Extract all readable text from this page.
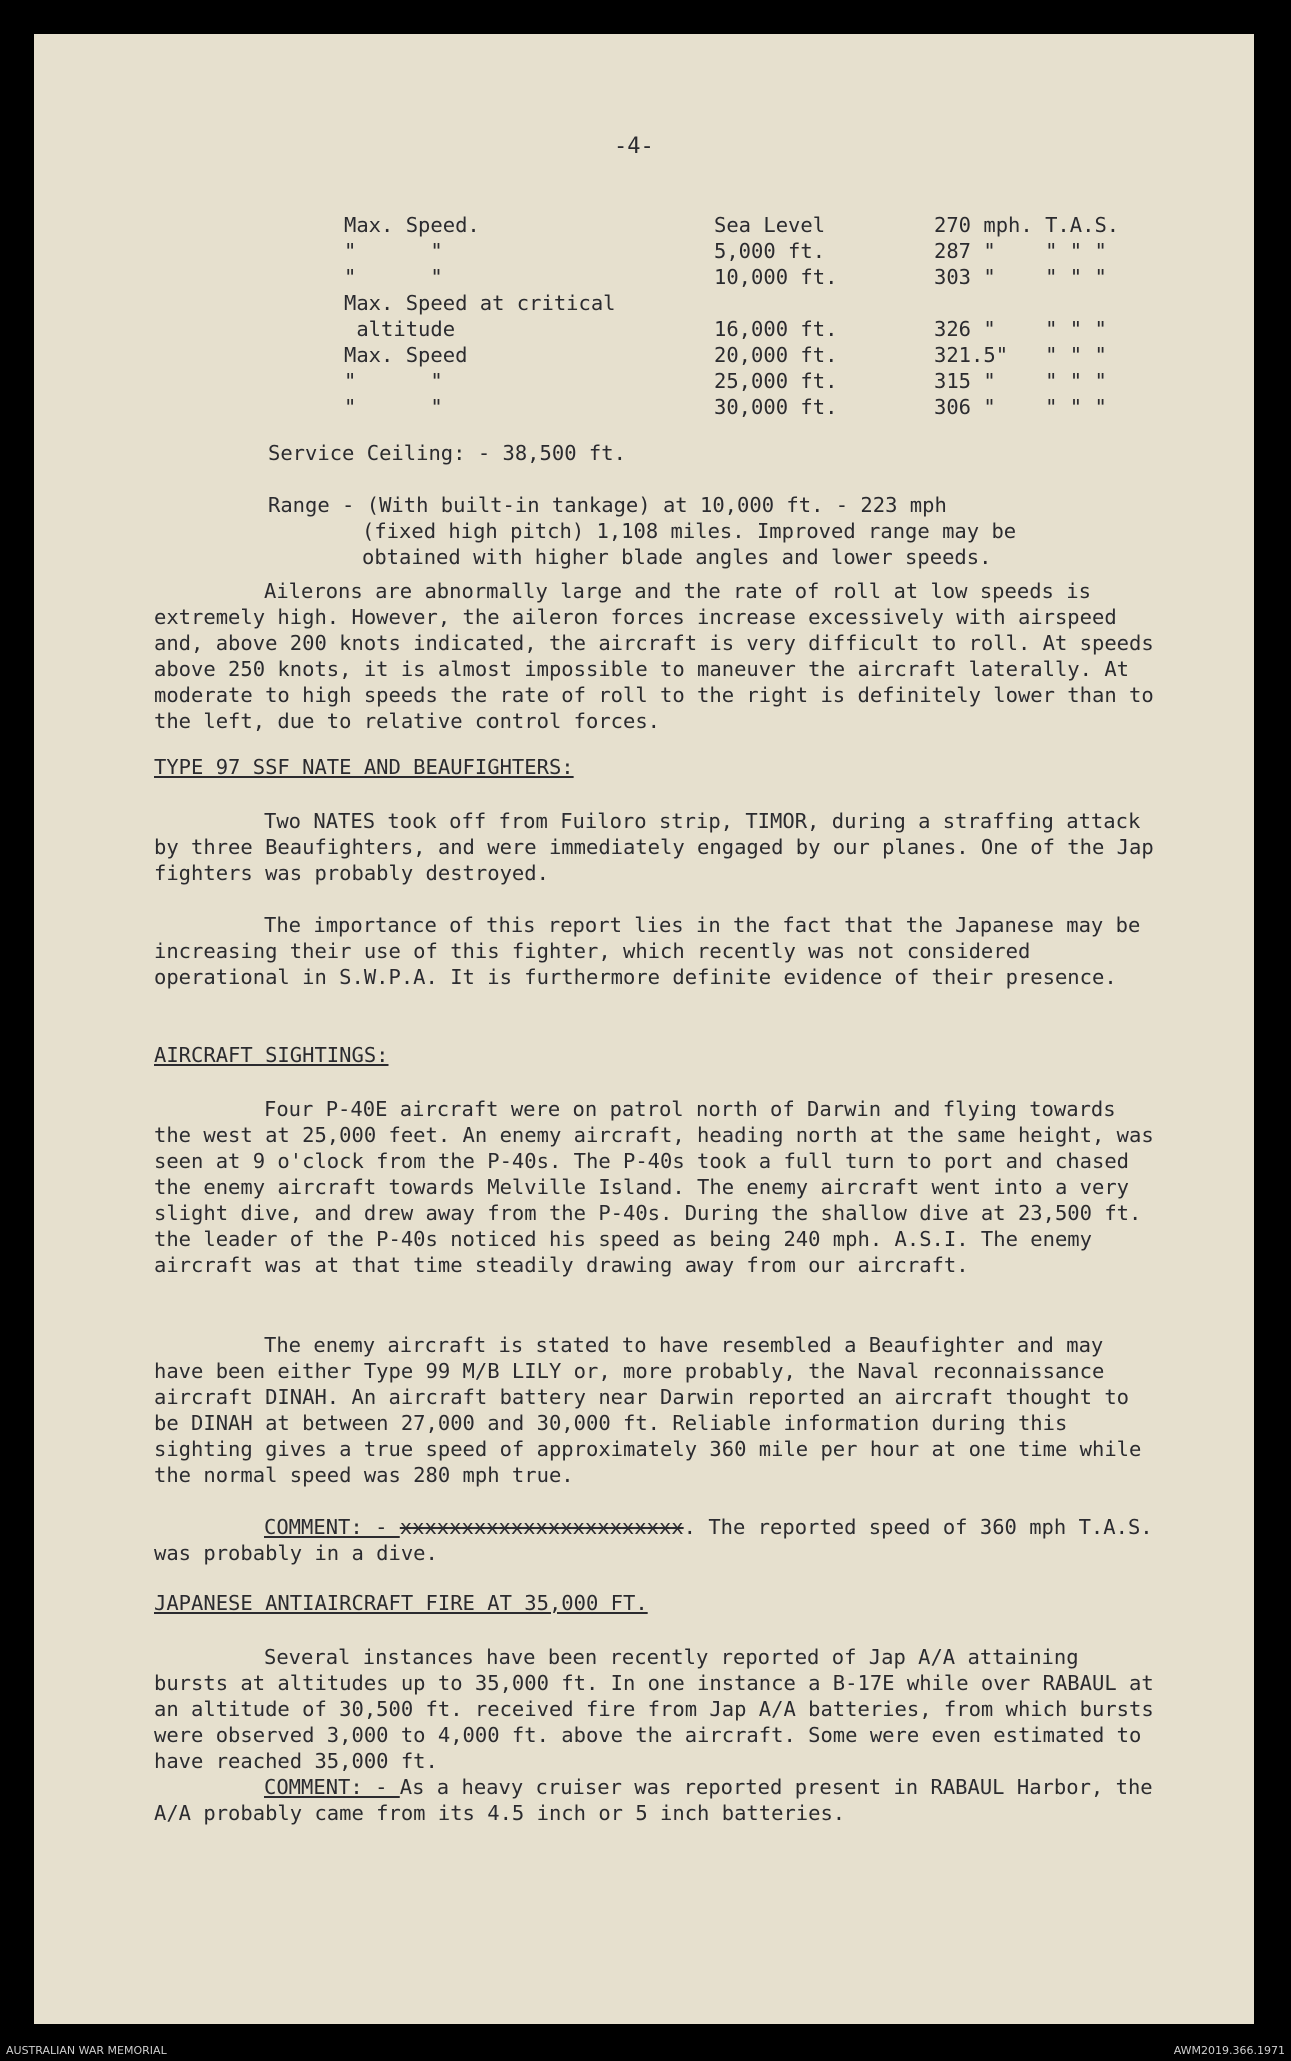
-4-
Max. Speed.	Sea Level	270 mph. T.A.S.
"      "	5,000 ft.	287 "    " " "
"      "	10,000 ft.	303 "    " " "
Max. Speed at critical
altitude	16,000 ft.	326 "    " " "
Max. Speed	20,000 ft.	321.5"   " " "
"      "	25,000 ft.	315 "    " " "
"      "	30,000 ft.	306 "    " " "
Service Ceiling: - 38,500 ft.
Range - (With built-in tankage) at 10,000 ft. - 223 mph
(fixed high pitch) 1,108 miles. Improved range may be
obtained with higher blade angles and lower speeds.

Ailerons are abnormally large and the rate of roll at low speeds is extremely high. However, the aileron forces increase excessively with airspeed and, above 200 knots indicated, the aircraft is very difficult to roll. At speeds above 250 knots, it is almost impossible to maneuver the aircraft laterally. At moderate to high speeds the rate of roll to the right is definitely lower than to the left, due to relative control forces.

TYPE 97 SSF NATE AND BEAUFIGHTERS:

Two NATES took off from Fuiloro strip, TIMOR, during a straffing attack by three Beaufighters, and were immediately engaged by our planes. One of the Jap fighters was probably destroyed.

The importance of this report lies in the fact that the Japanese may be increasing their use of this fighter, which recently was not considered operational in S.W.P.A. It is furthermore definite evidence of their presence.

AIRCRAFT SIGHTINGS:

Four P-40E aircraft were on patrol north of Darwin and flying towards the west at 25,000 feet. An enemy aircraft, heading north at the same height, was seen at 9 o'clock from the P-40s. The P-40s took a full turn to port and chased the enemy aircraft towards Melville Island. The enemy aircraft went into a very slight dive, and drew away from the P-40s. During the shallow dive at 23,500 ft. the leader of the P-40s noticed his speed as being 240 mph. A.S.I. The enemy aircraft was at that time steadily drawing away from our aircraft.

The enemy aircraft is stated to have resembled a Beaufighter and may have been either Type 99 M/B LILY or, more probably, the Naval reconnaissance aircraft DINAH. An aircraft battery near Darwin reported an aircraft thought to be DINAH at between 27,000 and 30,000 ft. Reliable information during this sighting gives a true speed of approximately 360 mile per hour at one time while the normal speed was 280 mph true.

COMMENT: - xxxxxxxxxxxxxxxxxxxxxxx. The reported speed of 360 mph T.A.S. was probably in a dive.

JAPANESE ANTIAIRCRAFT FIRE AT 35,000 FT.

Several instances have been recently reported of Jap A/A attaining bursts at altitudes up to 35,000 ft. In one instance a B-17E while over RABAUL at an altitude of 30,500 ft. received fire from Jap A/A batteries, from which bursts were observed 3,000 to 4,000 ft. above the aircraft. Some were even estimated to have reached 35,000 ft.

COMMENT: - As a heavy cruiser was reported present in RABAUL Harbor, the A/A probably came from its 4.5 inch or 5 inch batteries.

AUSTRALIAN WAR MEMORIAL	AWM2019.366.1971
